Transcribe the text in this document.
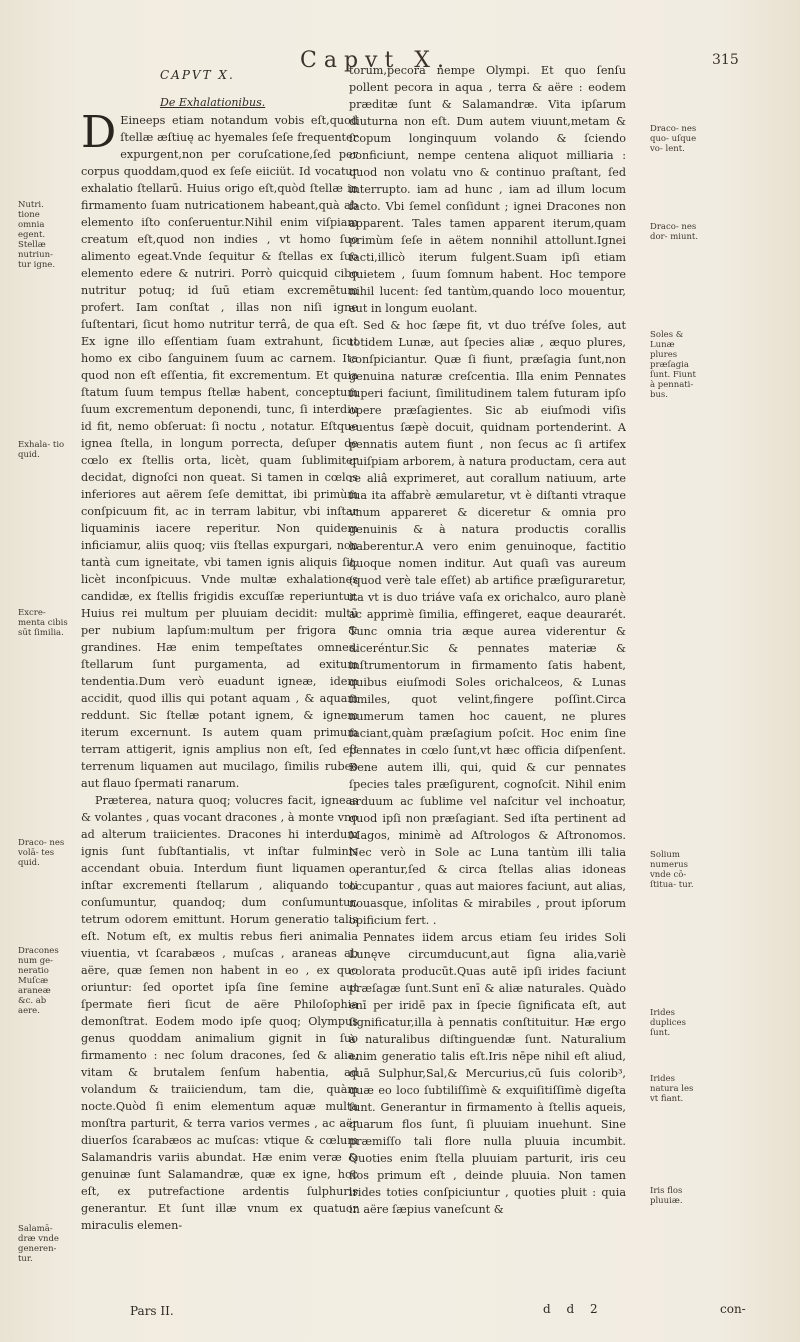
Capvt X.	315
CAPVT X.
De Exhalationibus.

D Eineeps etiam notandum vobis eſt,quod ſtellæ æſtiuę ac hyemales ſeſe frequenter expurgent,non per coruſcatione,ſed per corpus quoddam,quod ex ſeſe eiiciüt. Id vocatur exhalatio ſtellarū. Huius origo eſt,quòd ſtellæ in firmamento ſuam nutricationem habeant,quà ab elemento iſto conſeruentur.Nihil enim viſpiam creatum eſt,quod non indies , vt homo ſuo alimento egeat.Vnde ſequitur & ſtellas ex ſuo elemento edere & nutriri. Porrò quicquid cibo nutritur potuq; id ſuū etiam excremētum profert. Iam conſtat , illas non niſi igne ſuſtentari, ſicut homo nutritur terrâ, de qua eſt. Ex igne illo eſſentiam ſuam extrahunt, ſicut homo ex cibo ſanguinem ſuum ac carnem. Ita quod non eſt eſſentia, fit excrementum. Et quia ſtatum ſuum tempus ſtellæ habent, conceptum ſuum excrementum deponendi, tunc, ſi interdiu id fit, nemo obſeruat: ſi noctu , notatur. Eſtque ignea ſtella, in longum porrecta, deſuper de cœlo ex ſtellis orta, licèt, quam ſublimiter decidat, dignoſci non queat. Si tamen in cœlos inferiores aut aërem ſeſe demittat, ibi primùm conſpicuum fit, ac in terram labitur, vbi inſtar liquaminis iacere reperitur. Non quidem inficiamur, aliis quoq; viis ſtellas expurgari, non tantà cum igneitate, vbi tamen ignis aliquis ſit, licèt inconſpicuus. Vnde multæ exhalationes candidæ, ex ſtellis frigidis excuſſæ reperiuntur. Huius rei multum per pluuiam decidit: multū per nubium lapſum:multum per frigora & grandines. Hæ enim tempeſtates omnes, ſtellarum ſunt purgamenta, ad exitum tendentia.Dum verò euadunt igneæ, idem accidit, quod illis qui potant aquam , & aquam reddunt. Sic ſtellæ potant ignem, & ignem iterum excernunt. Is autem quam primum terram attigerit, ignis amplius non eſt, ſed eſt terrenum liquamen aut mucilago, ſimilis rubeo aut flauo ſpermati ranarum.

Præterea, natura quoq; volucres facit, igneas & volantes , quas vocant dracones , à monte vno ad alterum traiicientes. Dracones hi interdum ignis ſunt ſubſtantialis, vt inſtar fulminis accendant obuia. Interdum fiunt liquamen , inſtar excrementi ſtellarum , aliquando toti conſumuntur, quandoq; dum conſumuntur, tetrum odorem emittunt. Horum generatio talis eſt. Notum eſt, ex multis rebus fieri animalia viuentia, vt ſcarabæos , muſcas , araneas ab aëre, quæ ſemen non habent in eo , ex quo oriuntur: ſed oportet ipſa ſine ſemine aut ſpermate fieri ſicut de aëre Philoſophia demonſtrat. Eodem modo ipſe quoq; Olympus genus quoddam animalium gignit in ſuo firmamento : nec ſolum dracones, ſed & alia, vitam & brutalem ſenſum habentia, ad volandum & traiiciendum, tam die, quàm nocte.Quòd ſi enim elementum aquæ multa monſtra parturit, & terra varios vermes , ac aër diuerſos ſcarabæos ac muſcas: vtique & cœlum Salamandris variis abundat. Hæ enim veræ & genuinæ ſunt Salamandræ, quæ ex igne, hoc eſt, ex putrefactione ardentis ſulphuris generantur. Et ſunt illæ vnum ex quatuor miraculis elemen-

torum,pecora nempe Olympi. Et quo ſenſu pollent pecora in aqua , terra & aëre : eodem præditæ ſunt & Salamandræ. Vita ipſarum diuturna non eſt. Dum autem viuunt,metam & ſcopum longinquum volando & ſciendo conficiunt, nempe centena aliquot milliaria : quod non volatu vno & continuo praſtant, ſed interrupto. iam ad hunc , iam ad illum locum facto. Vbi ſemel conſidunt ; ignei Dracones non apparent. Tales tamen apparent iterum,quam primùm ſeſe in aëtem nonnihil attollunt.Ignei facti,illicò iterum fulgent.Suam ipſi etiam quietem , ſuum ſomnum habent. Hoc tempore nihil lucent: ſed tantùm,quando loco mouentur, aut in longum euolant.

Sed & hoc ſæpe fit, vt duo tréſve ſoles, aut totidem Lunæ, aut ſpecies aliæ , æquo plures, conſpiciantur. Quæ ſi fiunt, præſagia ſunt,non genuina naturæ creſcentia. Illa enim Pennates ſuperi faciunt, ſimilitudinem talem futuram ipſo opere præſagientes. Sic ab eiuſmodi viſis euentus ſæpè docuit, quidnam portenderint. A pennatis autem fiunt , non ſecus ac ſi artifex quiſpiam arborem, à natura productam, cera aut re aliâ exprimeret, aut corallum natiuum, arte ſua ita affabrè æmularetur, vt è diſtanti vtraque vnum appareret & diceretur & omnia pro genuinis & à natura productis corallis haberentur.A vero enim genuinoque, factitio quoque nomen inditur. Aut quaſi vas aureum (quod verè tale eſſet) ab artifice præſiguraretur, ita vt is duo triáve vaſa ex orichalco, auro planè ac apprimè ſimilia, effingeret, eaque deaurarét. Tunc omnia tria æque aurea viderentur & diceréntur.Sic & pennates materiæ & inſtrumentorum in firmamento ſatis habent, quibus eiuſmodi Soles orichalceos, & Lunas ſimiles, quot velint,fingere poſſint.Circa numerum tamen hoc cauent, ne plures faciant,quàm præſagium poſcit. Hoc enim ſine pennates in cœlo ſunt,vt hæc officia diſpenſent. Bene autem illi, qui, quid & cur pennates ſpecies tales præſigurent, cognoſcit. Nihil enim arduum ac ſublime vel naſcitur vel inchoatur, quod ipſi non præſagiant. Sed iſta pertinent ad Magos, minimè ad Aſtrologos & Aſtronomos. Nec verò in Sole ac Luna tantùm illi talia operantur,ſed & circa ſtellas alias idoneas occupantur , quas aut maiores faciunt, aut alias, nouasque, inſolitas & mirabiles , prout ipſorum opificium fert. .

Pennates iidem arcus etiam ſeu irides Soli Lunęve circumducunt,aut ſigna alia,variè colorata producūt.Quas autē ipſi irides faciunt præſagæ ſunt.Sunt enī & aliæ naturales. Quàdo enī per iridē pax in ſpecie ſignificata eſt, aut ſignificatur,illa à pennatis conſtituitur. Hæ ergo à naturalibus diſtinguendæ ſunt. Naturalium enim generatio talis eſt.Iris nēpe nihil eſt aliud, quā Sulphur,Sal,& Mercurius,cū ſuis colorib³, quæ eo loco ſubtiliſſimè & exquiſitiſſimè digeſta ſunt. Generantur in firmamento à ſtellis aqueis, quarum flos ſunt, ſi pluuiam inuehunt. Sine præmiſſo tali flore nulla pluuia incumbit. Quoties enim ſtella pluuiam parturit, iris ceu flos primum eſt , deinde pluuia. Non tamen irides toties conſpiciuntur , quoties pluit : quia in aëre ſæpius vaneſcunt &

Nutri. tione omnia egent. Stellæ nutriun- tur igne.
Exhala- tio quid.
Excre- menta cibis sūt ſimilia.
Draco- nes volā- tes quid.
Dracones num ge- neratio Muſcæ araneæ &c. ab aere.
Salamā- dræ vnde generen- tur.
Draco- nes quo- uſque vo- lent.
Draco- nes dor- miunt.
Soles & Lunæ plures præſagia ſunt. Fiunt à pennati- bus.
Solium numerus vnde cō- ſtitua- tur.
Irides duplices ſunt.
Irides natura les vt fiant.
Iris flos pluuiæ.
Pars II.	d d 2	con-
